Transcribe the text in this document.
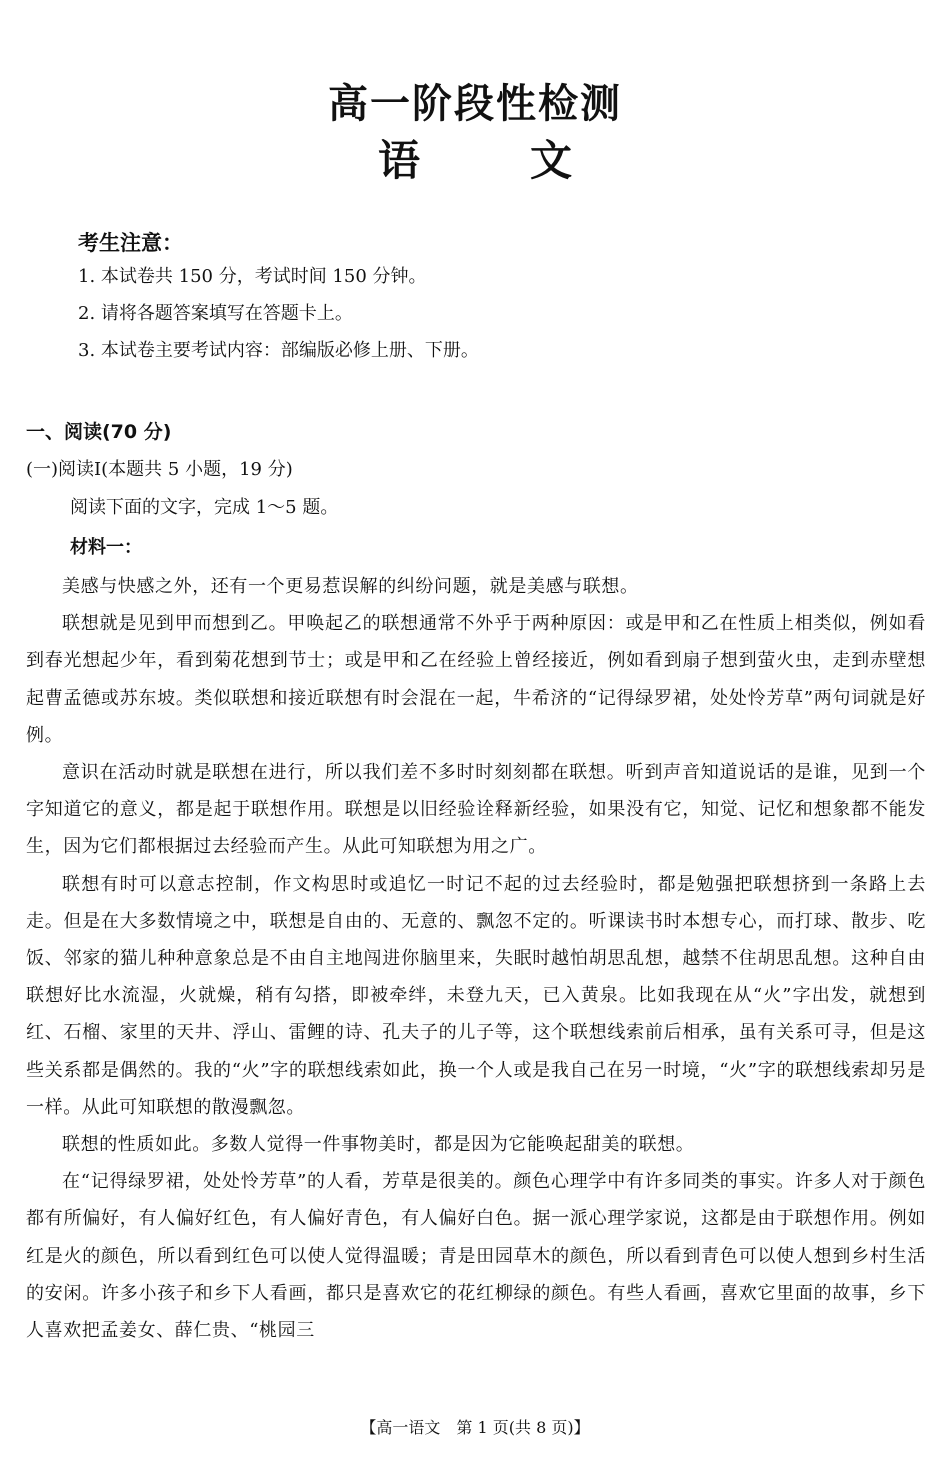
高一阶段性检测
语	文
考生注意：
1. 本试卷共 150 分，考试时间 150 分钟。
2. 请将各题答案填写在答题卡上。
3. 本试卷主要考试内容：部编版必修上册、下册。
一、阅读(70 分)
(一)阅读Ⅰ(本题共 5 小题，19 分)
阅读下面的文字，完成 1～5 题。
材料一：

美感与快感之外，还有一个更易惹误解的纠纷问题，就是美感与联想。

联想就是见到甲而想到乙。甲唤起乙的联想通常不外乎于两种原因：或是甲和乙在性质上相类似，例如看到春光想起少年，看到菊花想到节士；或是甲和乙在经验上曾经接近，例如看到扇子想到萤火虫，走到赤壁想起曹孟德或苏东坡。类似联想和接近联想有时会混在一起，牛希济的“记得绿罗裙，处处怜芳草”两句词就是好例。

意识在活动时就是联想在进行，所以我们差不多时时刻刻都在联想。听到声音知道说话的是谁，见到一个字知道它的意义，都是起于联想作用。联想是以旧经验诠释新经验，如果没有它，知觉、记忆和想象都不能发生，因为它们都根据过去经验而产生。从此可知联想为用之广。

联想有时可以意志控制，作文构思时或追忆一时记不起的过去经验时，都是勉强把联想挤到一条路上去走。但是在大多数情境之中，联想是自由的、无意的、飘忽不定的。听课读书时本想专心，而打球、散步、吃饭、邻家的猫儿种种意象总是不由自主地闯进你脑里来，失眠时越怕胡思乱想，越禁不住胡思乱想。这种自由联想好比水流湿，火就燥，稍有勾搭，即被牵绊，未登九天，已入黄泉。比如我现在从“火”字出发，就想到红、石榴、家里的天井、浮山、雷鲤的诗、孔夫子的儿子等，这个联想线索前后相承，虽有关系可寻，但是这些关系都是偶然的。我的“火”字的联想线索如此，换一个人或是我自己在另一时境，“火”字的联想线索却另是一样。从此可知联想的散漫飘忽。

联想的性质如此。多数人觉得一件事物美时，都是因为它能唤起甜美的联想。

在“记得绿罗裙，处处怜芳草”的人看，芳草是很美的。颜色心理学中有许多同类的事实。许多人对于颜色都有所偏好，有人偏好红色，有人偏好青色，有人偏好白色。据一派心理学家说，这都是由于联想作用。例如红是火的颜色，所以看到红色可以使人觉得温暖；青是田园草木的颜色，所以看到青色可以使人想到乡村生活的安闲。许多小孩子和乡下人看画，都只是喜欢它的花红柳绿的颜色。有些人看画，喜欢它里面的故事，乡下人喜欢把孟姜女、薛仁贵、“桃园三

【高一语文　第 1 页(共 8 页)】
